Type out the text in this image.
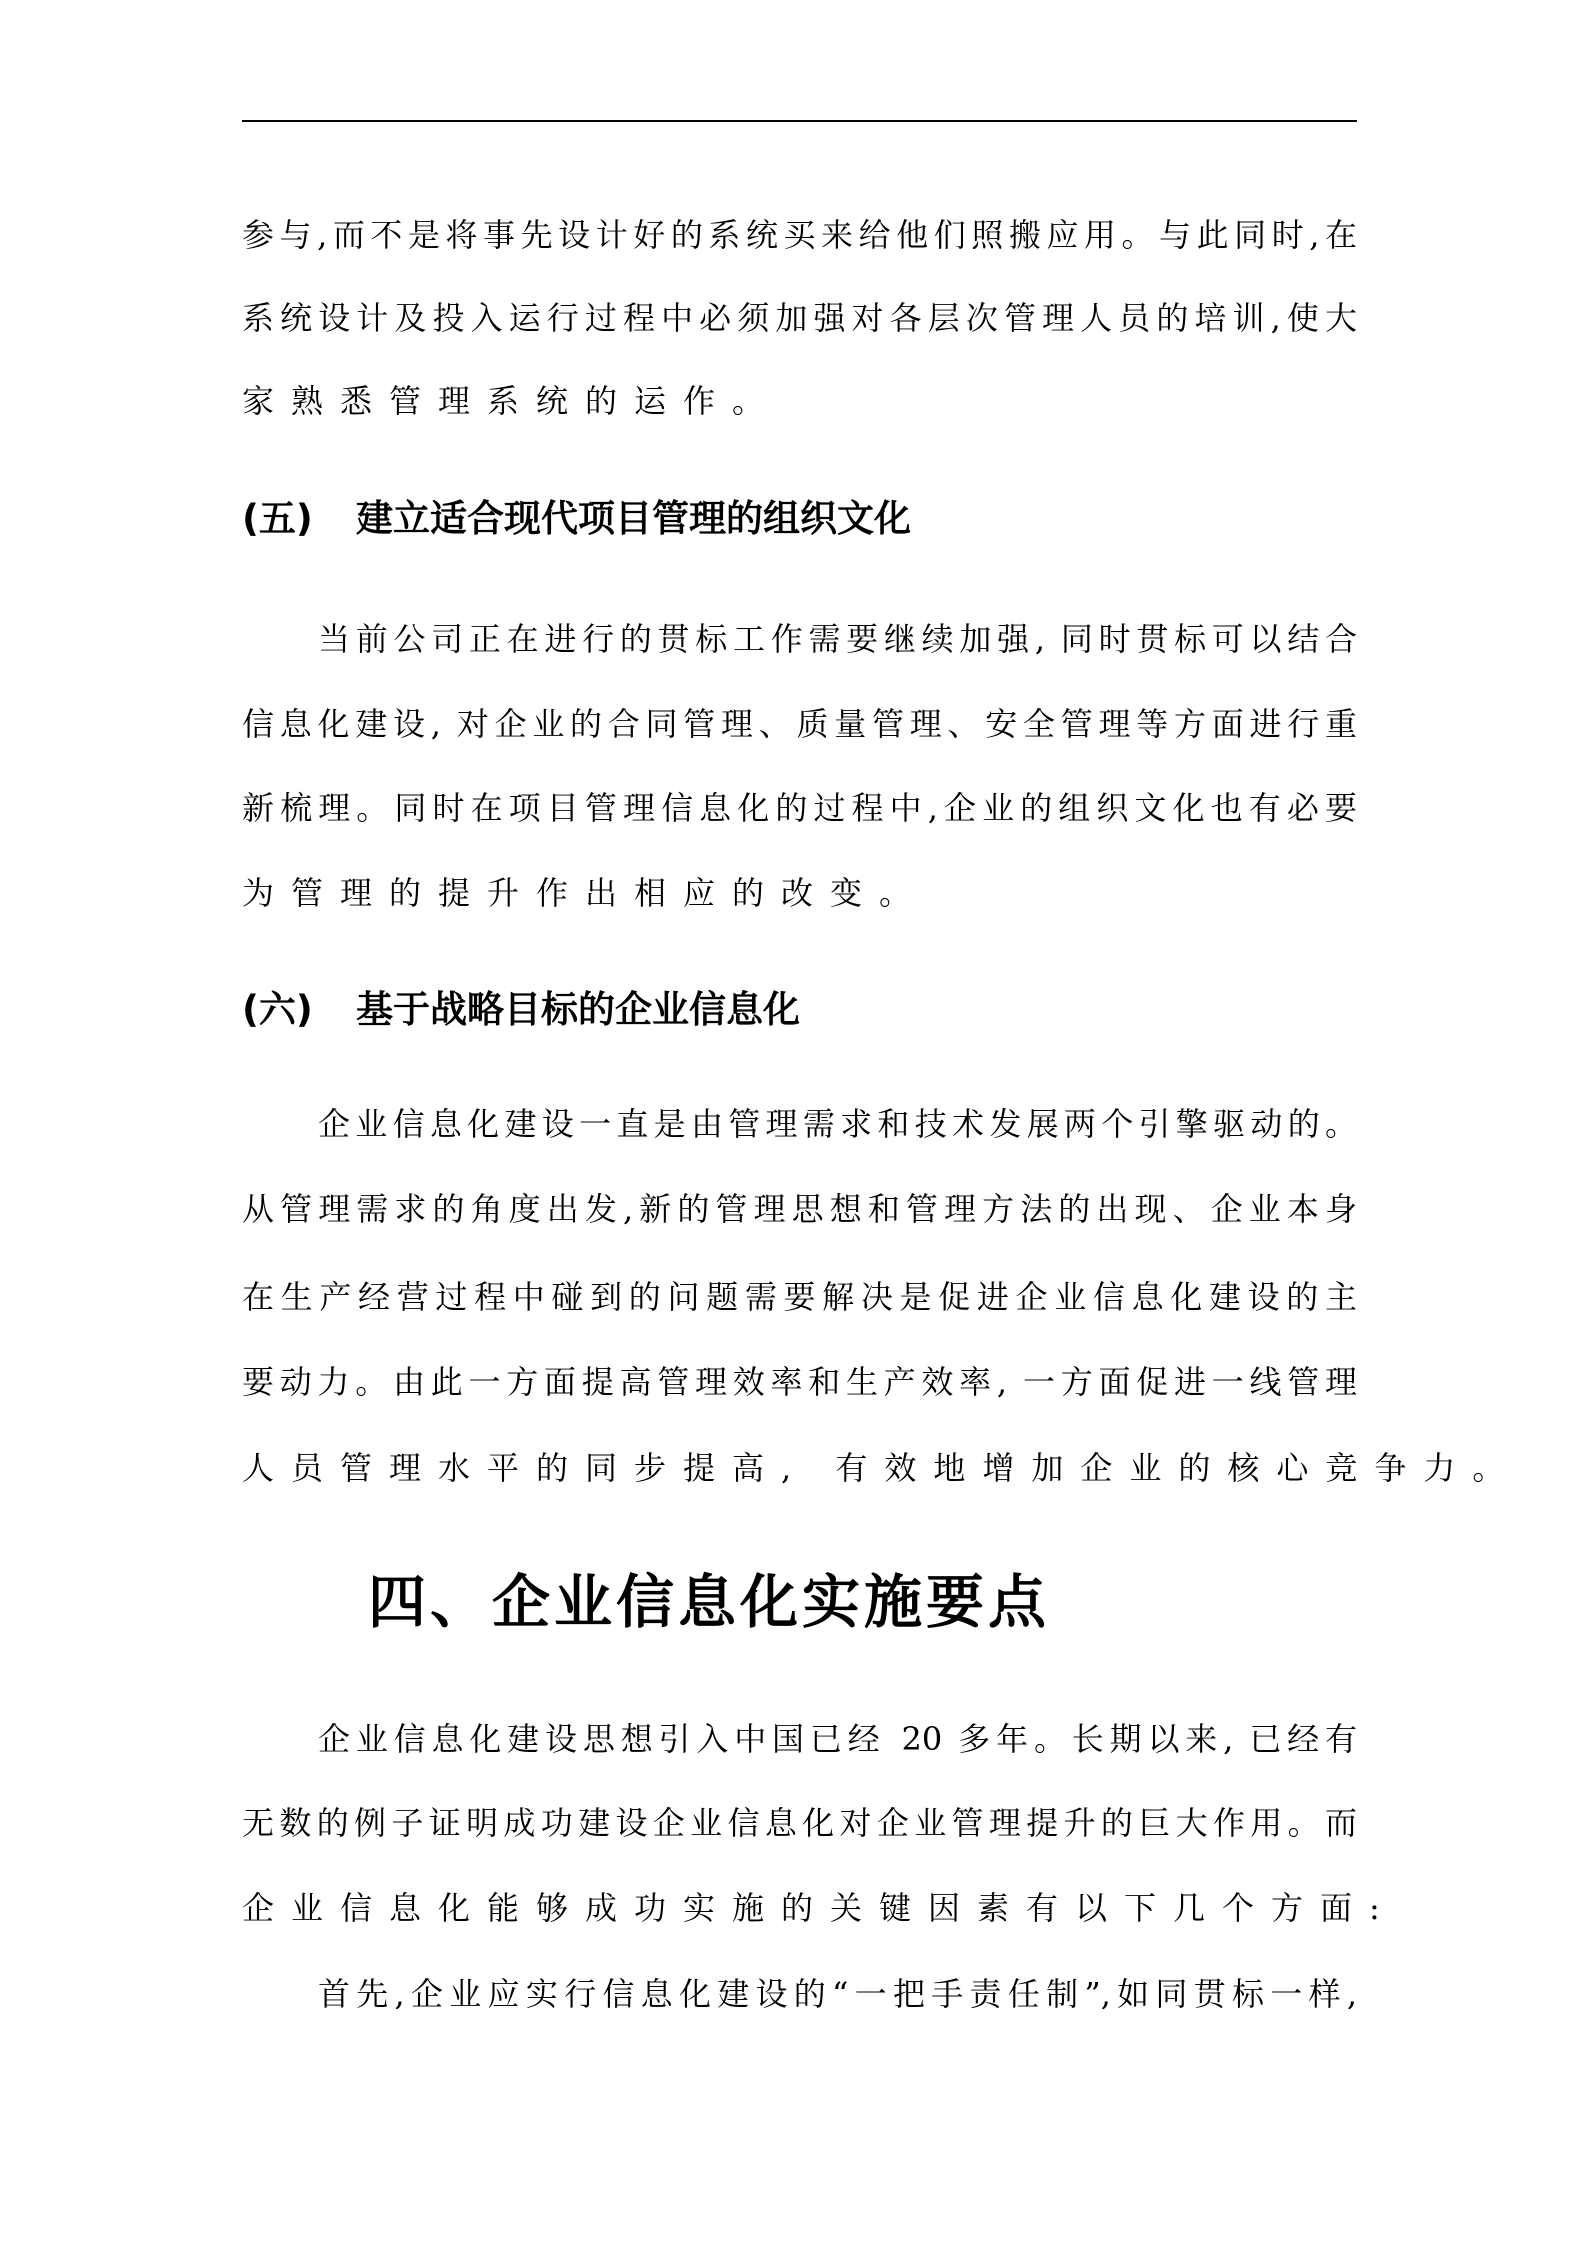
参与,而不是将事先设计好的系统买来给他们照搬应用。与此同时,在
系统设计及投入运行过程中必须加强对各层次管理人员的培训,使大
家熟悉管理系统的运作。
(五) 建立适合现代项目管理的组织文化
当前公司正在进行的贯标工作需要继续加强, 同时贯标可以结合
信息化建设, 对企业的合同管理、质量管理、安全管理等方面进行重
新梳理。同时在项目管理信息化的过程中,企业的组织文化也有必要
为管理的提升作出相应的改变。
(六) 基于战略目标的企业信息化
企业信息化建设一直是由管理需求和技术发展两个引擎驱动的。
从管理需求的角度出发,新的管理思想和管理方法的出现、企业本身
在生产经营过程中碰到的问题需要解决是促进企业信息化建设的主
要动力。由此一方面提高管理效率和生产效率, 一方面促进一线管理
人员管理水平的同步提高, 有效地增加企业的核心竞争力。
四、企业信息化实施要点
企业信息化建设思想引入中国已经 20 多年。长期以来, 已经有
无数的例子证明成功建设企业信息化对企业管理提升的巨大作用。而
企业信息化能够成功实施的关键因素有以下几个方面:
首先,企业应实行信息化建设的“一把手责任制”,如同贯标一样,
